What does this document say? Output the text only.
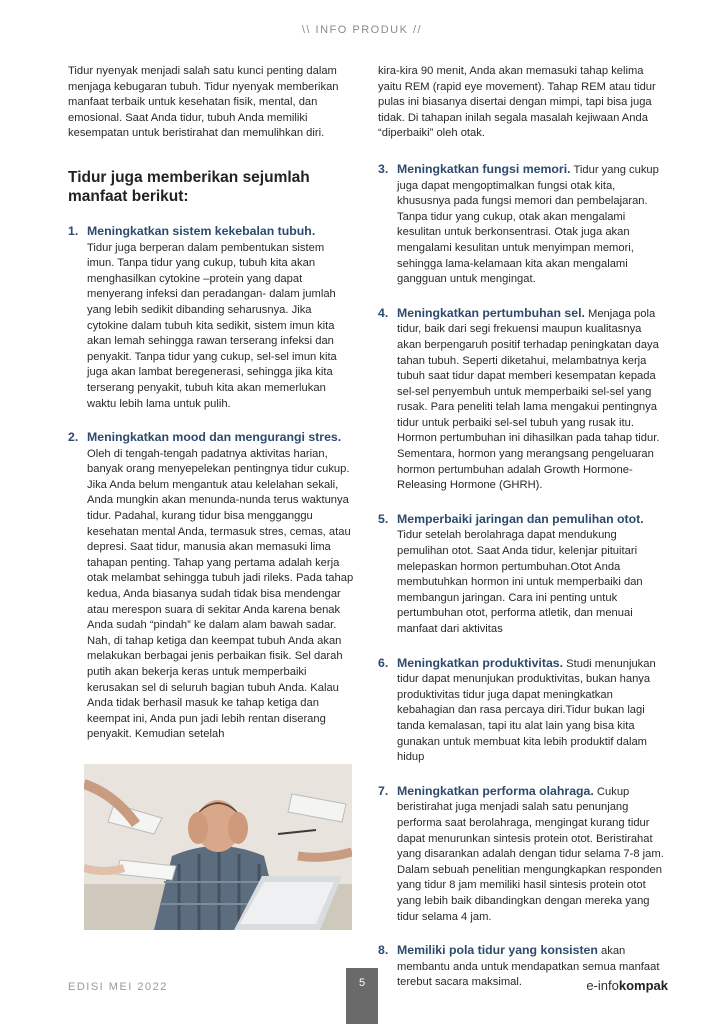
\\ INFO PRODUK //

Tidur nyenyak menjadi salah satu kunci penting dalam menjaga kebugaran tubuh. Tidur nyenyak memberikan manfaat terbaik untuk kesehatan fisik, mental, dan emosional. Saat Anda tidur, tubuh Anda memiliki kesempatan untuk beristirahat dan memulihkan diri.

Tidur juga memberikan sejumlah manfaat berikut:
1. Meningkatkan sistem kekebalan tubuh.
Tidur juga berperan dalam pembentukan sistem imun. Tanpa tidur yang cukup, tubuh kita akan menghasilkan cytokine –protein yang dapat menyerang infeksi dan peradangan- dalam jumlah yang lebih sedikit dibanding seharusnya. Jika cytokine dalam tubuh kita sedikit, sistem imun kita akan lemah sehingga rawan terserang infeksi dan penyakit. Tanpa tidur yang cukup, sel-sel imun kita juga akan lambat beregenerasi, sehingga jika kita terserang penyakit, tubuh kita akan memerlukan waktu lebih lama untuk pulih.
2. Meningkatkan mood dan mengurangi stres. Oleh di tengah-tengah padatnya aktivitas harian, banyak orang menyepelekan pentingnya tidur cukup. Jika Anda belum mengantuk atau kelelahan sekali, Anda mungkin akan menunda-nunda terus waktunya tidur. Padahal, kurang tidur bisa mengganggu kesehatan mental Anda, termasuk stres, cemas, atau depresi. Saat tidur, manusia akan memasuki lima tahapan penting. Tahap yang pertama adalah kerja otak melambat sehingga tubuh jadi rileks. Pada tahap kedua, Anda biasanya sudah tidak bisa mendengar atau merespon suara di sekitar Anda karena benak Anda sudah “pindah” ke dalam alam bawah sadar. Nah, di tahap ketiga dan keempat tubuh Anda akan melakukan berbagai jenis perbaikan fisik. Sel darah putih akan bekerja keras untuk memperbaiki kerusakan sel di seluruh bagian tubuh Anda. Kalau Anda tidak berhasil masuk ke tahap ketiga dan keempat ini, Anda pun jadi lebih rentan diserang penyakit. Kemudian setelah

kira-kira 90 menit, Anda akan memasuki tahap kelima yaitu REM (rapid eye movement). Tahap REM atau tidur pulas ini biasanya disertai dengan mimpi, tapi bisa juga tidak. Di tahapan inilah segala masalah kejiwaan Anda “diperbaiki” oleh otak.

3. Meningkatkan fungsi memori. Tidur yang cukup juga dapat mengoptimalkan fungsi otak kita, khususnya pada fungsi memori dan pembelajaran. Tanpa tidur yang cukup, otak akan mengalami kesulitan untuk berkonsentrasi. Otak juga akan mengalami kesulitan untuk menyimpan memori, sehingga lama-kelamaan kita akan mengalami gangguan untuk mengingat.
4. Meningkatkan pertumbuhan sel. Menjaga pola tidur, baik dari segi frekuensi maupun kualitasnya akan berpengaruh positif terhadap peningkatan daya tahan tubuh. Seperti diketahui, melambatnya kerja tubuh saat tidur dapat memberi kesempatan kepada sel-sel penyembuh untuk memperbaiki sel-sel yang rusak. Para peneliti telah lama mengakui pentingnya tidur untuk perbaiki sel-sel tubuh yang rusak itu. Hormon pertumbuhan ini dihasilkan pada tahap tidur. Sementara, hormon yang merangsang pengeluaran hormon pertumbuhan adalah Growth Hormone-Releasing Hormone (GHRH).
5. Memperbaiki jaringan dan pemulihan otot.
Tidur setelah berolahraga dapat mendukung pemulihan otot. Saat Anda tidur, kelenjar pituitari melepaskan hormon pertumbuhan.Otot Anda membutuhkan hormon ini untuk memperbaiki dan membangun jaringan. Cara ini penting untuk pertumbuhan otot, performa atletik, dan menuai manfaat dari aktivitas
6. Meningkatkan produktivitas. Studi menunjukan tidur dapat menunjukan produktivitas, bukan hanya produktivitas tidur juga dapat meningkatkan kebahagian dan rasa percaya diri.Tidur bukan lagi tanda kemalasan, tapi itu alat lain yang bisa kita gunakan untuk membuat kita lebih produktif dalam hidup
7. Meningkatkan performa olahraga. Cukup beristirahat juga menjadi salah satu penunjang performa saat berolahraga, mengingat kurang tidur dapat menurunkan sintesis protein otot. Beristirahat yang disarankan adalah dengan tidur selama 7-8 jam. Dalam sebuah penelitian mengungkapkan responden yang tidur 8 jam memiliki hasil sintesis protein otot yang lebih baik dibandingkan dengan mereka yang tidur selama 4 jam.
8. Memiliki pola tidur yang konsisten akan membantu anda untuk mendapatkan semua manfaat terebut sacara maksimal.
EDISI MEI 2022	5	e-infokompak
